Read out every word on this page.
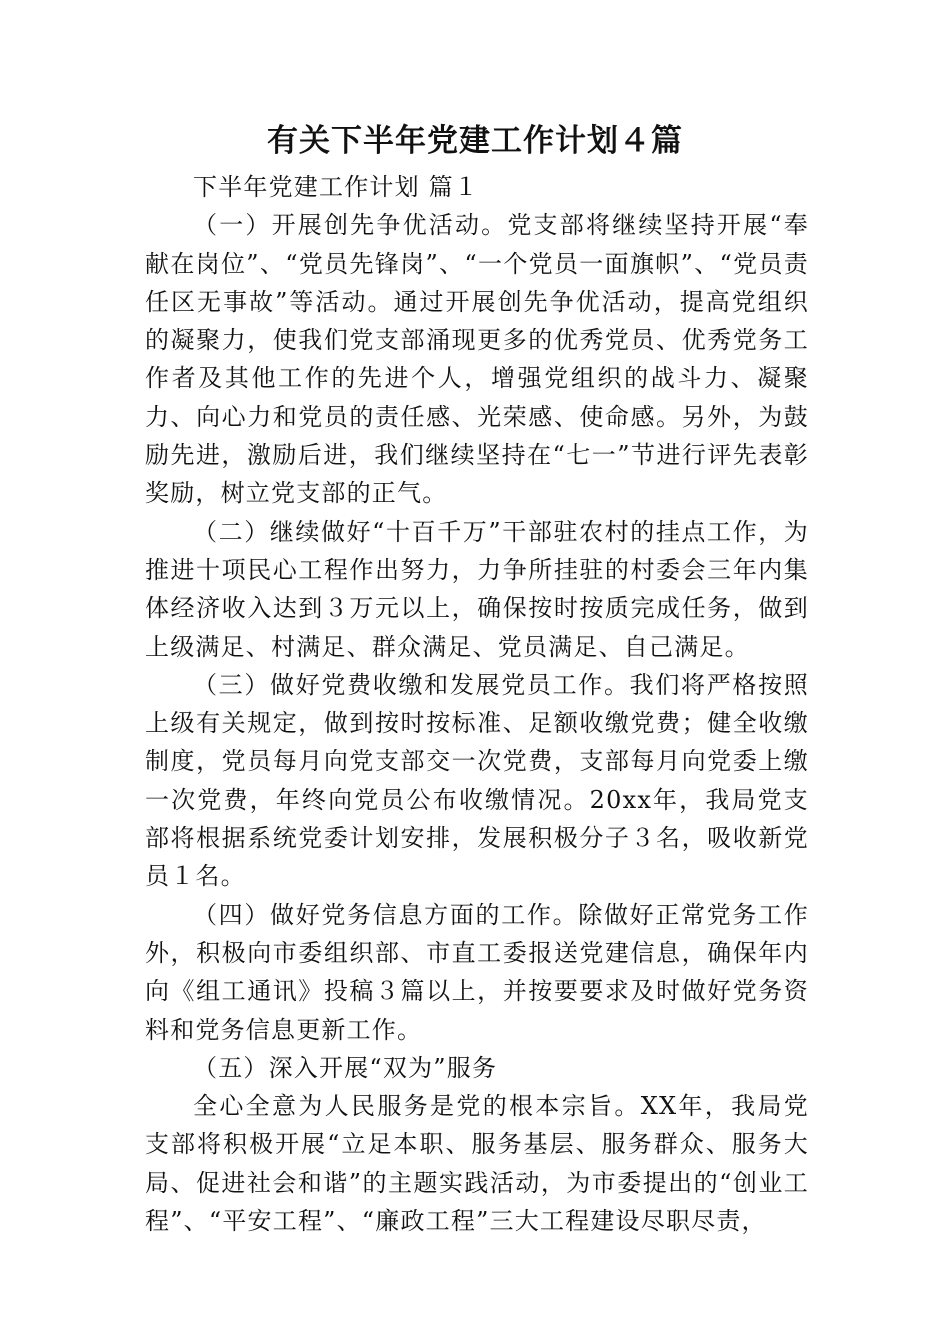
有关下半年党建工作计划４篇

下半年党建工作计划 篇１

（一）开展创先争优活动。党支部将继续坚持开展“奉献在岗位”、“党员先锋岗”、“一个党员一面旗帜”、“党员责任区无事故”等活动。通过开展创先争优活动，提高党组织的凝聚力，使我们党支部涌现更多的优秀党员、优秀党务工作者及其他工作的先进个人，增强党组织的战斗力、凝聚力、向心力和党员的责任感、光荣感、使命感。另外，为鼓励先进，激励后进，我们继续坚持在“七一”节进行评先表彰奖励，树立党支部的正气。

（二）继续做好“十百千万”干部驻农村的挂点工作，为推进十项民心工程作出努力，力争所挂驻的村委会三年内集体经济收入达到３万元以上，确保按时按质完成任务，做到上级满足、村满足、群众满足、党员满足、自己满足。

（三）做好党费收缴和发展党员工作。我们将严格按照上级有关规定，做到按时按标准、足额收缴党费；健全收缴制度，党员每月向党支部交一次党费，支部每月向党委上缴一次党费，年终向党员公布收缴情况。20xx年，我局党支部将根据系统党委计划安排，发展积极分子３名，吸收新党员１名。

（四）做好党务信息方面的工作。除做好正常党务工作外，积极向市委组织部、市直工委报送党建信息，确保年内向《组工通讯》投稿３篇以上，并按要要求及时做好党务资料和党务信息更新工作。

（五）深入开展“双为”服务

全心全意为人民服务是党的根本宗旨。XX年，我局党支部将积极开展“立足本职、服务基层、服务群众、服务大局、促进社会和谐”的主题实践活动，为市委提出的“创业工程”、“平安工程”、“廉政工程”三大工程建设尽职尽责，
